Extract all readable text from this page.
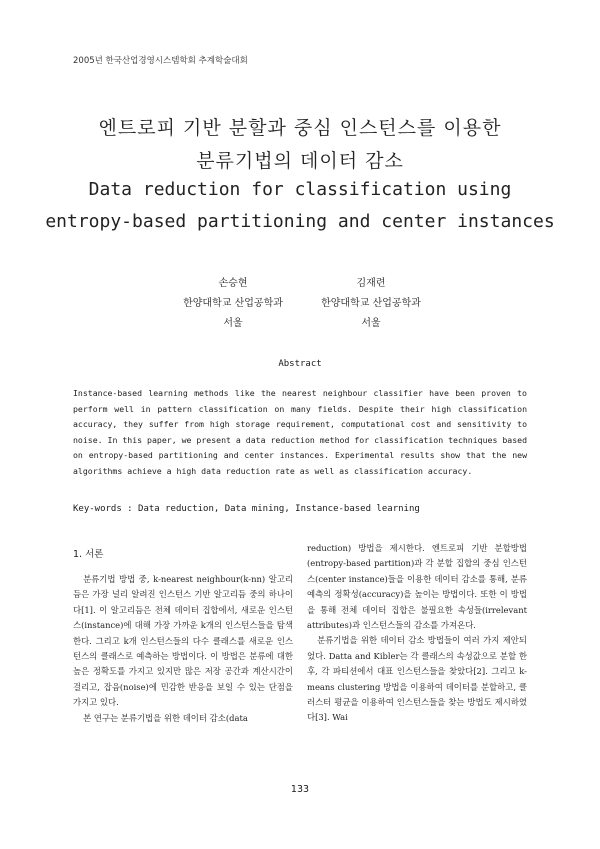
2005년 한국산업경영시스템학회 추계학술대회
엔트로피 기반 분할과 중심 인스턴스를 이용한
분류기법의 데이터 감소
Data reduction for classification using
entropy-based partitioning and center instances
손승현
한양대학교 산업공학과
서울
김재련
한양대학교 산업공학과
서울
Abstract
Instance-based learning methods like the nearest neighbour classifier have been proven to perform well in pattern classification on many fields. Despite their high classification accuracy, they suffer from high storage requirement, computational cost and sensitivity to noise. In this paper, we present a data reduction method for classification techniques based on entropy-based partitioning and center instances. Experimental results show that the new algorithms achieve a high data reduction rate as well as classification accuracy.
Key-words : Data reduction, Data mining, Instance-based learning
1. 서론

분류기법 방법 중, k-nearest neighbour(k-nn) 알고리듬은 가장 널리 알려진 인스턴스 기반 알고리듬 중의 하나이다[1]. 이 알고리듬은 전체 데이터 집합에서, 새로운 인스턴스(instance)에 대해 가장 가까운 k개의 인스턴스들을 탐색한다. 그리고 k개 인스턴스들의 다수 클래스를 새로운 인스턴스의 클래스로 예측하는 방법이다. 이 방법은 분류에 대한 높은 정확도를 가지고 있지만 많은 저장 공간과 계산시간이 걸리고, 잡음(noise)에 민감한 반응을 보일 수 있는 단점을 가지고 있다.

본 연구는 분류기법을 위한 데이터 감소(data

reduction) 방법을 제시한다. 엔트로피 기반 분할방법(entropy-based partition)과 각 분할 집합의 중심 인스턴스(center instance)들을 이용한 데이터 감소를 통해, 분류 예측의 정확성(accuracy)을 높이는 방법이다. 또한 이 방법을 통해 전체 데이터 집합은 불필요한 속성들(irrelevant attributes)과 인스턴스들의 감소를 가져온다.

분류기법을 위한 데이터 감소 방법들이 여러 가지 제안되었다. Datta and Kibler는 각 클래스의 속성값으로 분할 한 후, 각 파티션에서 대표 인스턴스들을 찾았다[2]. 그리고 k-means clustering 방법을 이용하여 데이터를 분할하고, 클러스터 평균을 이용하여 인스턴스들을 찾는 방법도 제시하였다[3]. Wai

133
